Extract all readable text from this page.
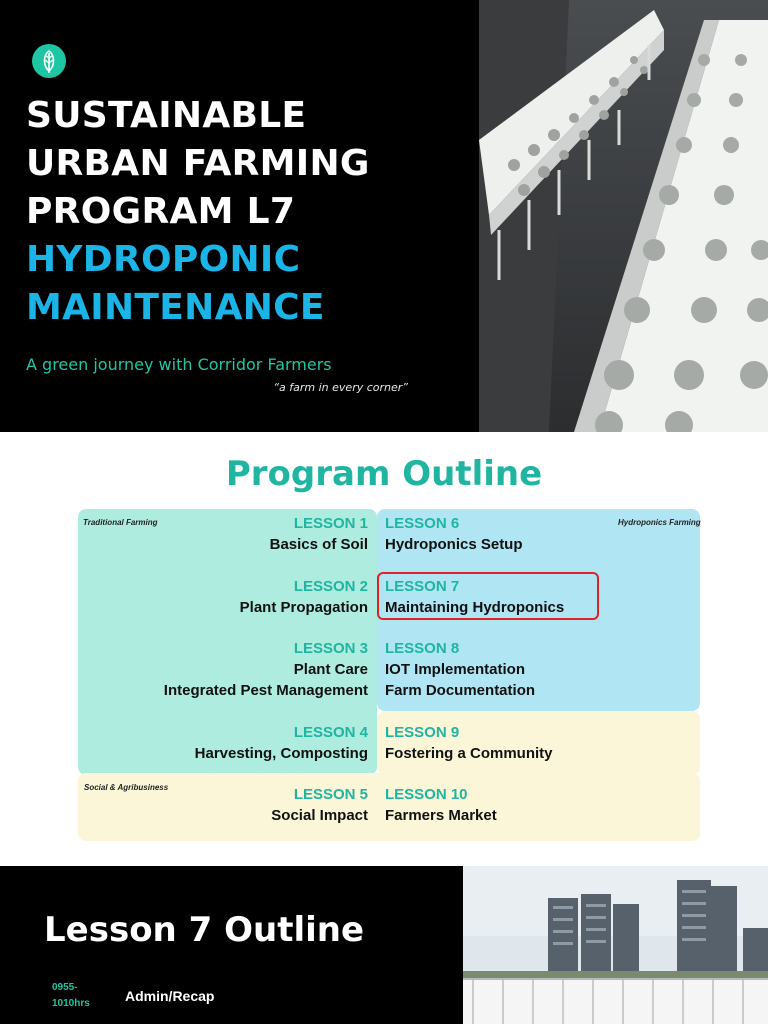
SUSTAINABLE
URBAN FARMING
PROGRAM L7
HYDROPONIC
MAINTENANCE
A green journey with Corridor Farmers
“a farm in every corner”
Program Outline
Traditional Farming	Hydroponics Farming
Social & Agribusiness
LESSON 1
Basics of Soil
LESSON 2
Plant Propagation
LESSON 3
Plant Care
Integrated Pest Management
LESSON 4
Harvesting, Composting
LESSON 5
Social Impact
LESSON 6
Hydroponics Setup
LESSON 7
Maintaining Hydroponics
LESSON 8
IOT Implementation
Farm Documentation
LESSON 9
Fostering a Community
LESSON 10
Farmers Market
Lesson 7 Outline
0955-
1010hrs	Admin/Recap
